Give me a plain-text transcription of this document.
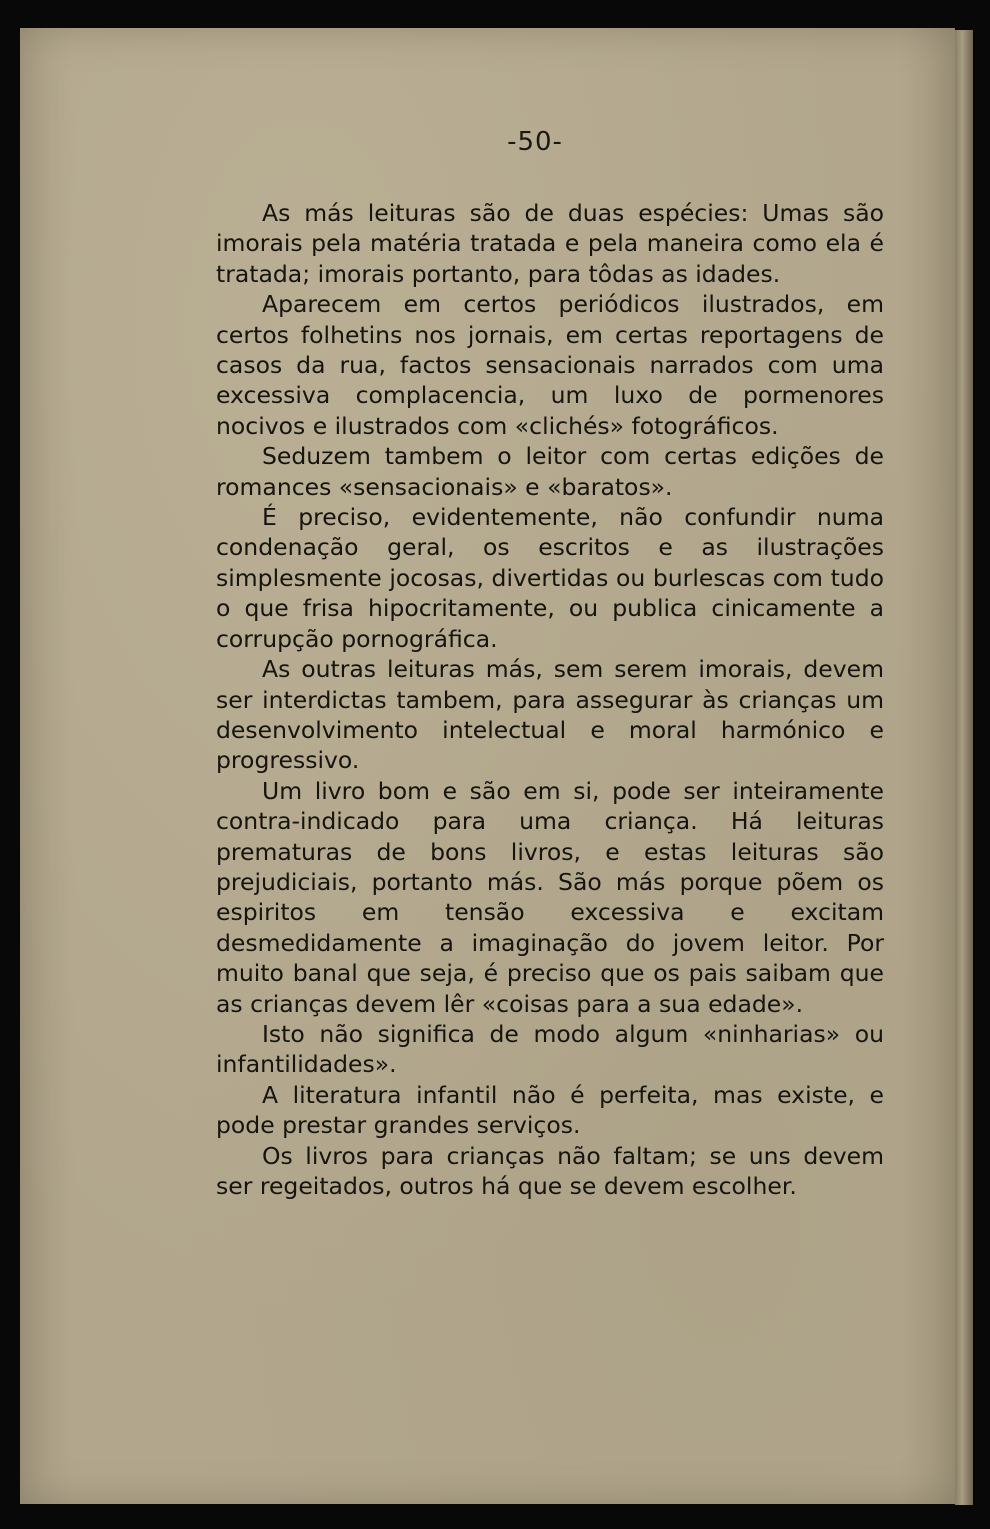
-50-

As más leituras são de duas espécies: Umas são imorais pela matéria tratada e pela maneira como ela é tratada; imorais portanto, para tôdas as idades.

Aparecem em certos periódicos ilustrados, em certos folhetins nos jornais, em certas reportagens de casos da rua, factos sensacionais narrados com uma excessiva complacencia, um luxo de pormenores nocivos e ilustrados com «clichés» fotográficos.

Seduzem tambem o leitor com certas edições de romances «sensacionais» e «baratos».

É preciso, evidentemente, não confundir numa condenação geral, os escritos e as ilustrações simplesmente jocosas, divertidas ou burlescas com tudo o que frisa hipocritamente, ou publica cinicamente a corrupção pornográfica.

As outras leituras más, sem serem imorais, devem ser interdictas tambem, para assegurar às crianças um desenvolvimento intelectual e moral harmónico e progressivo.

Um livro bom e são em si, pode ser inteiramente contra-indicado para uma criança. Há leituras prematuras de bons livros, e estas leituras são prejudiciais, portanto más. São más porque põem os espiritos em tensão excessiva e excitam desmedidamente a imaginação do jovem leitor. Por muito banal que seja, é preciso que os pais saibam que as crianças devem lêr «coisas para a sua edade».

Isto não significa de modo algum «ninharias» ou infantilidades».

A literatura infantil não é perfeita, mas existe, e pode prestar grandes serviços.

Os livros para crianças não faltam; se uns devem ser regeitados, outros há que se devem escolher.
